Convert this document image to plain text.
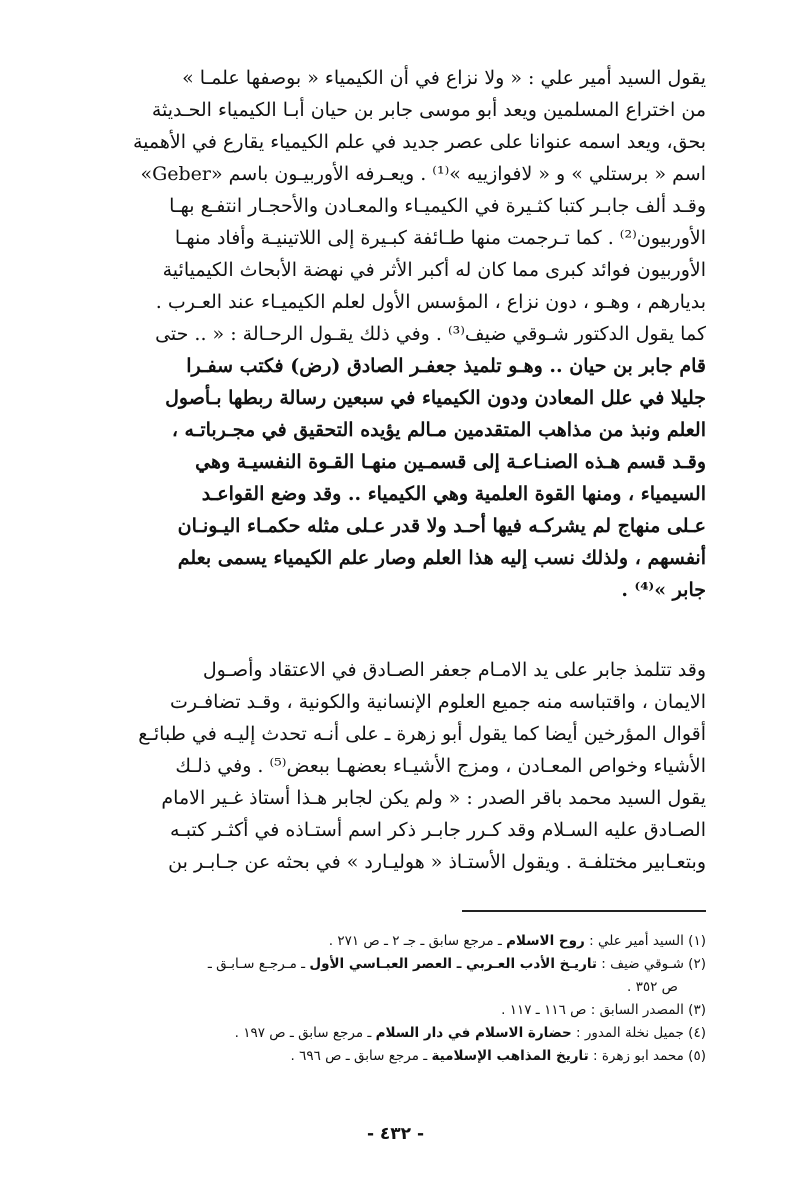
يقول السيد أمير علي : « ولا نزاع في أن الكيمياء « بوصفها علمـا »
من اختراع المسلمين ويعد أبو موسى جابر بن حيان أبـا الكيمياء الحـديثة
بحق، ويعد اسمه عنوانا على عصر جديد في علم الكيمياء يقارع في الأهمية
اسم « برستلي » و « لافوازييه »⁽¹⁾ . ويعـرفه الأوربيـون باسم «Geber»
وقـد ألف جابـر كتبا كثـيرة في الكيميـاء والمعـادن والأحجـار انتفـع بهـا
الأوربيون⁽²⁾ . كما تـرجمت منها طـائفة كبـيرة إلى اللاتينيـة وأفاد منهـا
الأوربيون فوائد كبرى مما كان له أكبر الأثر في نهضة الأبحاث الكيميائية
بديارهم ، وهـو ، دون نزاع ، المؤسس الأول لعلم الكيميـاء عند العـرب .
كما يقول الدكتور شـوقي ضيف⁽³⁾ . وفي ذلك يقـول الرحـالة : « .. حتى
قام جابر بن حيان .. وهـو تلميذ جعفـر الصادق (رض) فكتب سفـرا
جليلا في علل المعادن ودون الكيمياء في سبعين رسالة ربطها بـأصول
العلم ونبذ من مذاهب المتقدمين مـالم يؤيده التحقيق في مجـرباتـه ،
وقـد قسم هـذه الصنـاعـة إلى قسمـين منهـا القـوة النفسيـة وهي
السيمياء ، ومنها القوة العلمية وهي الكيمياء .. وقد وضع القواعـد
عـلى منهاج لم يشركـه فيها أحـد ولا قدر عـلى مثله حكمـاء اليـونـان
أنفسهم ، ولذلك نسب إليه هذا العلم وصار علم الكيمياء يسمى بعلم
جابر »⁽⁴⁾ .
وقد تتلمذ جابر على يد الامـام جعفر الصـادق في الاعتقاد وأصـول
الايمان ، واقتباسه منه جميع العلوم الإنسانية والكونية ، وقـد تضافـرت
أقوال المؤرخين أيضا كما يقول أبو زهرة ـ على أنـه تحدث إليـه في طبائـع
الأشياء وخواص المعـادن ، ومزج الأشيـاء بعضهـا ببعض⁽⁵⁾ . وفي ذلـك
يقول السيد محمد باقر الصدر : « ولم يكن لجابر هـذا أستاذ غـير الامام
الصـادق عليه السـلام وقد كـرر جابـر ذكر اسم أستـاذه في أكثـر كتبـه
وبتعـابير مختلفـة . ويقول الأستـاذ « هوليـارد » في بحثه عن جـابـر بن
(١) السيد أمير علي : روح الاسلام ـ مرجع سابق ـ جـ ٢ ـ ص ٢٧١ .
(٢) شـوقي ضيف : تاريـخ الأدب العـربي ـ العصر العبـاسي الأول ـ مـرجـع سـابـق ـ
ص ٣٥٢ .
(٣) المصدر السابق : ص ١١٦ ـ ١١٧ .
(٤) جميل نخلة المدور : حضارة الاسلام في دار السلام ـ مرجع سابق ـ ص ١٩٧ .
(٥) محمد ابو زهرة : تاريخ المذاهب الإسلامية ـ مرجع سابق ـ ص ٦٩٦ .
- ٤٣٢ -
